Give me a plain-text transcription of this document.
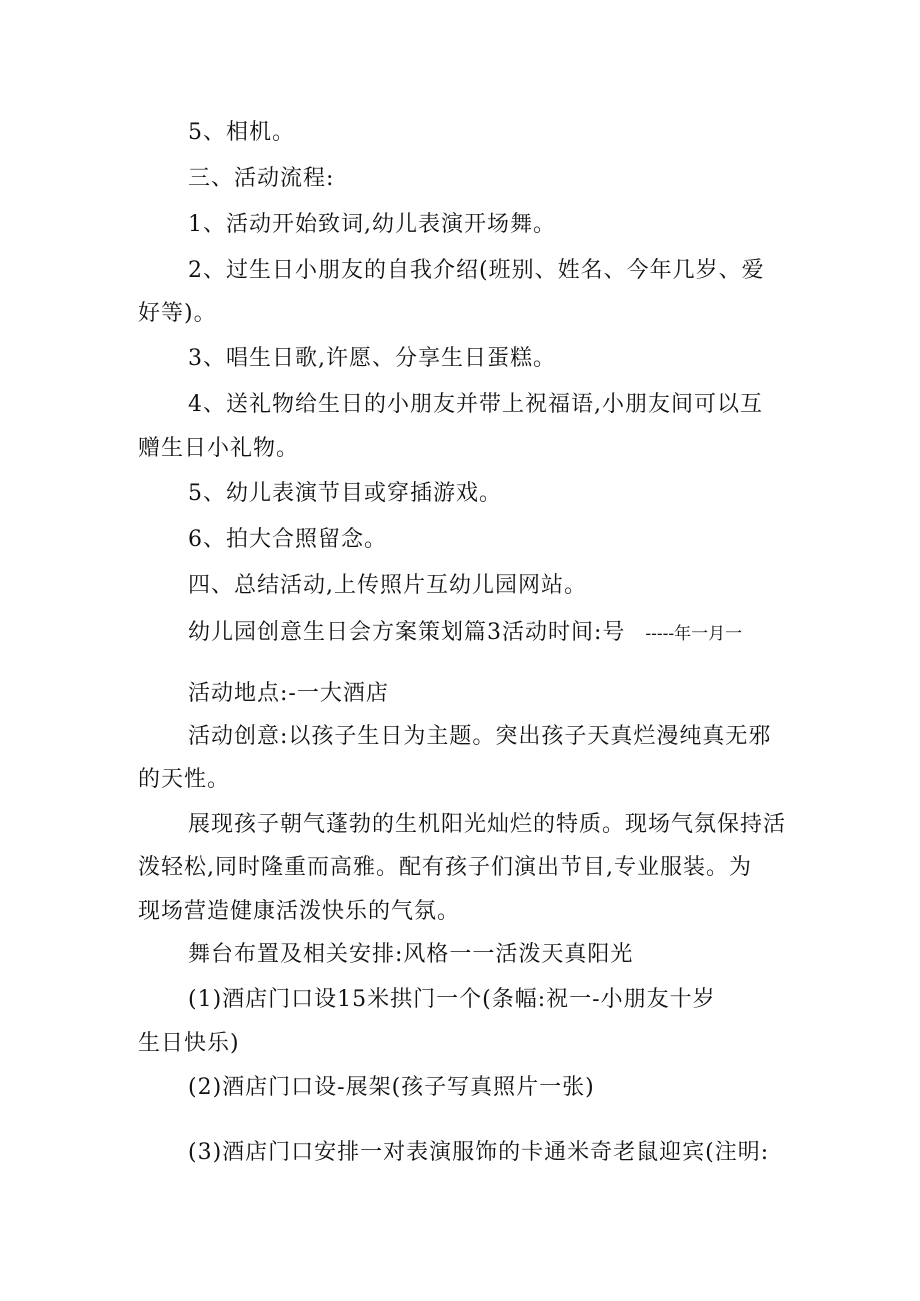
5、相机。
三、活动流程:
1、活动开始致词,幼儿表演开场舞。
2、过生日小朋友的自我介绍(班别、姓名、今年几岁、爱
好等)。
3、唱生日歌,许愿、分享生日蛋糕。
4、送礼物给生日的小朋友并带上祝福语,小朋友间可以互
赠生日小礼物。
5、幼儿表演节目或穿插游戏。
6、拍大合照留念。
四、总结活动,上传照片互幼儿园网站。
幼儿园创意生日会方案策划篇3活动时间:号 -----年一月一
活动地点:-一大酒店
活动创意:以孩子生日为主题。突出孩子天真烂漫纯真无邪
的天性。
展现孩子朝气蓬勃的生机阳光灿烂的特质。现场气氛保持活
泼轻松,同时隆重而高雅。配有孩子们演出节目,专业服装。为
现场营造健康活泼快乐的气氛。
舞台布置及相关安排:风格一一活泼天真阳光
(1)酒店门口设15米拱门一个(条幅:祝一-小朋友十岁
生日快乐)
(2)酒店门口设-展架(孩子写真照片一张)
(3)酒店门口安排一对表演服饰的卡通米奇老鼠迎宾(注明:
